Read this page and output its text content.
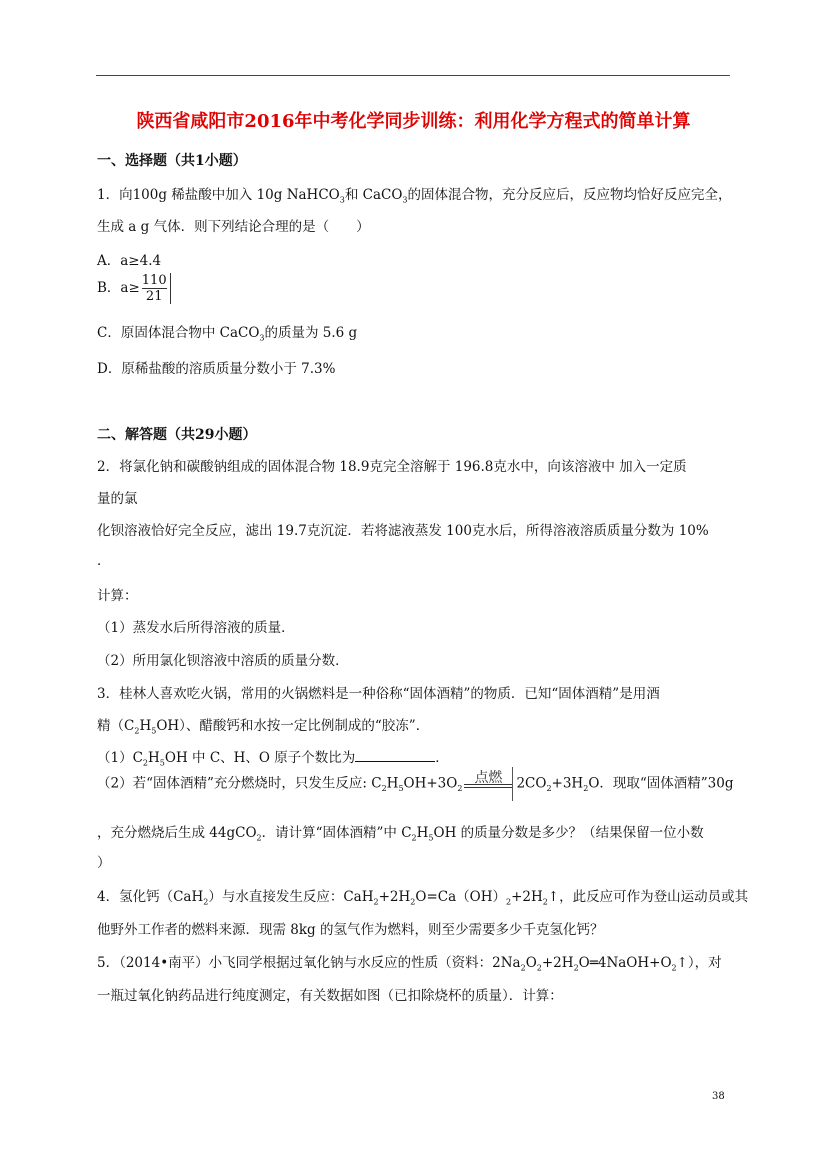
陕西省咸阳市2016年中考化学同步训练：利用化学方程式的简单计算
一、选择题（共1小题）
1．向100g 稀盐酸中加入 10g NaHCO$_3$和 CaCO$_3$的固体混合物，充分反应后，反应物均恰好反应完全，
生成 a g 气体．则下列结论合理的是（　　）
A．a≥4.4
B．$a\ge \frac{110}{21}$
C．原固体混合物中 CaCO$_3$的质量为 5.6 g
D．原稀盐酸的溶质质量分数小于 7.3%
二、解答题（共29小题）
2．将氯化钠和碳酸钠组成的固体混合物 18.9克完全溶解于 196.8克水中，向该溶液中 加入一定质
量的氯
化钡溶液恰好完全反应，滤出 19.7克沉淀．若将滤液蒸发 100克水后，所得溶液溶质质量分数为 10%
．
计算：
（1）蒸发水后所得溶液的质量．
（2）所用氯化钡溶液中溶质的质量分数．
3．桂林人喜欢吃火锅，常用的火锅燃料是一种俗称“固体酒精”的物质．已知“固体酒精”是用酒
精$(C_2H_5OH)$、醋酸钙和水按一定比例制成的“胶冻”．
$(1)C_2H_5OH$ 中 C、H、O 原子个数比为	．
（2）若“固体酒精”充分燃烧时，只发生反应: $C_2H_5OH+3O_2$
点燃	$2CO_2+3H_2O$．现取“固体酒精”30g
，充分燃烧后生成 44gCO$_2$．请计算“固体酒精”中 $C_2H_5OH$ 的质量分数是多少？（结果保留一位小数
）
4．氢化钙（CaH$_2$）与水直接发生反应：$CaH_2+2H_2O=Ca(OH)_2+2H_2↑$，此反应可作为登山运动员或其
他野外工作者的燃料来源．现需 8kg 的氢气作为燃料，则至少需要多少千克氢化钙？
5．（2014•南平）小飞同学根据过氧化钠与水反应的性质（资料：$2Na_2O_2+2H_2O═4NaOH+O_2↑$），对
一瓶过氧化钠药品进行纯度测定，有关数据如图（已扣除烧杯的质量）．计算：
38
